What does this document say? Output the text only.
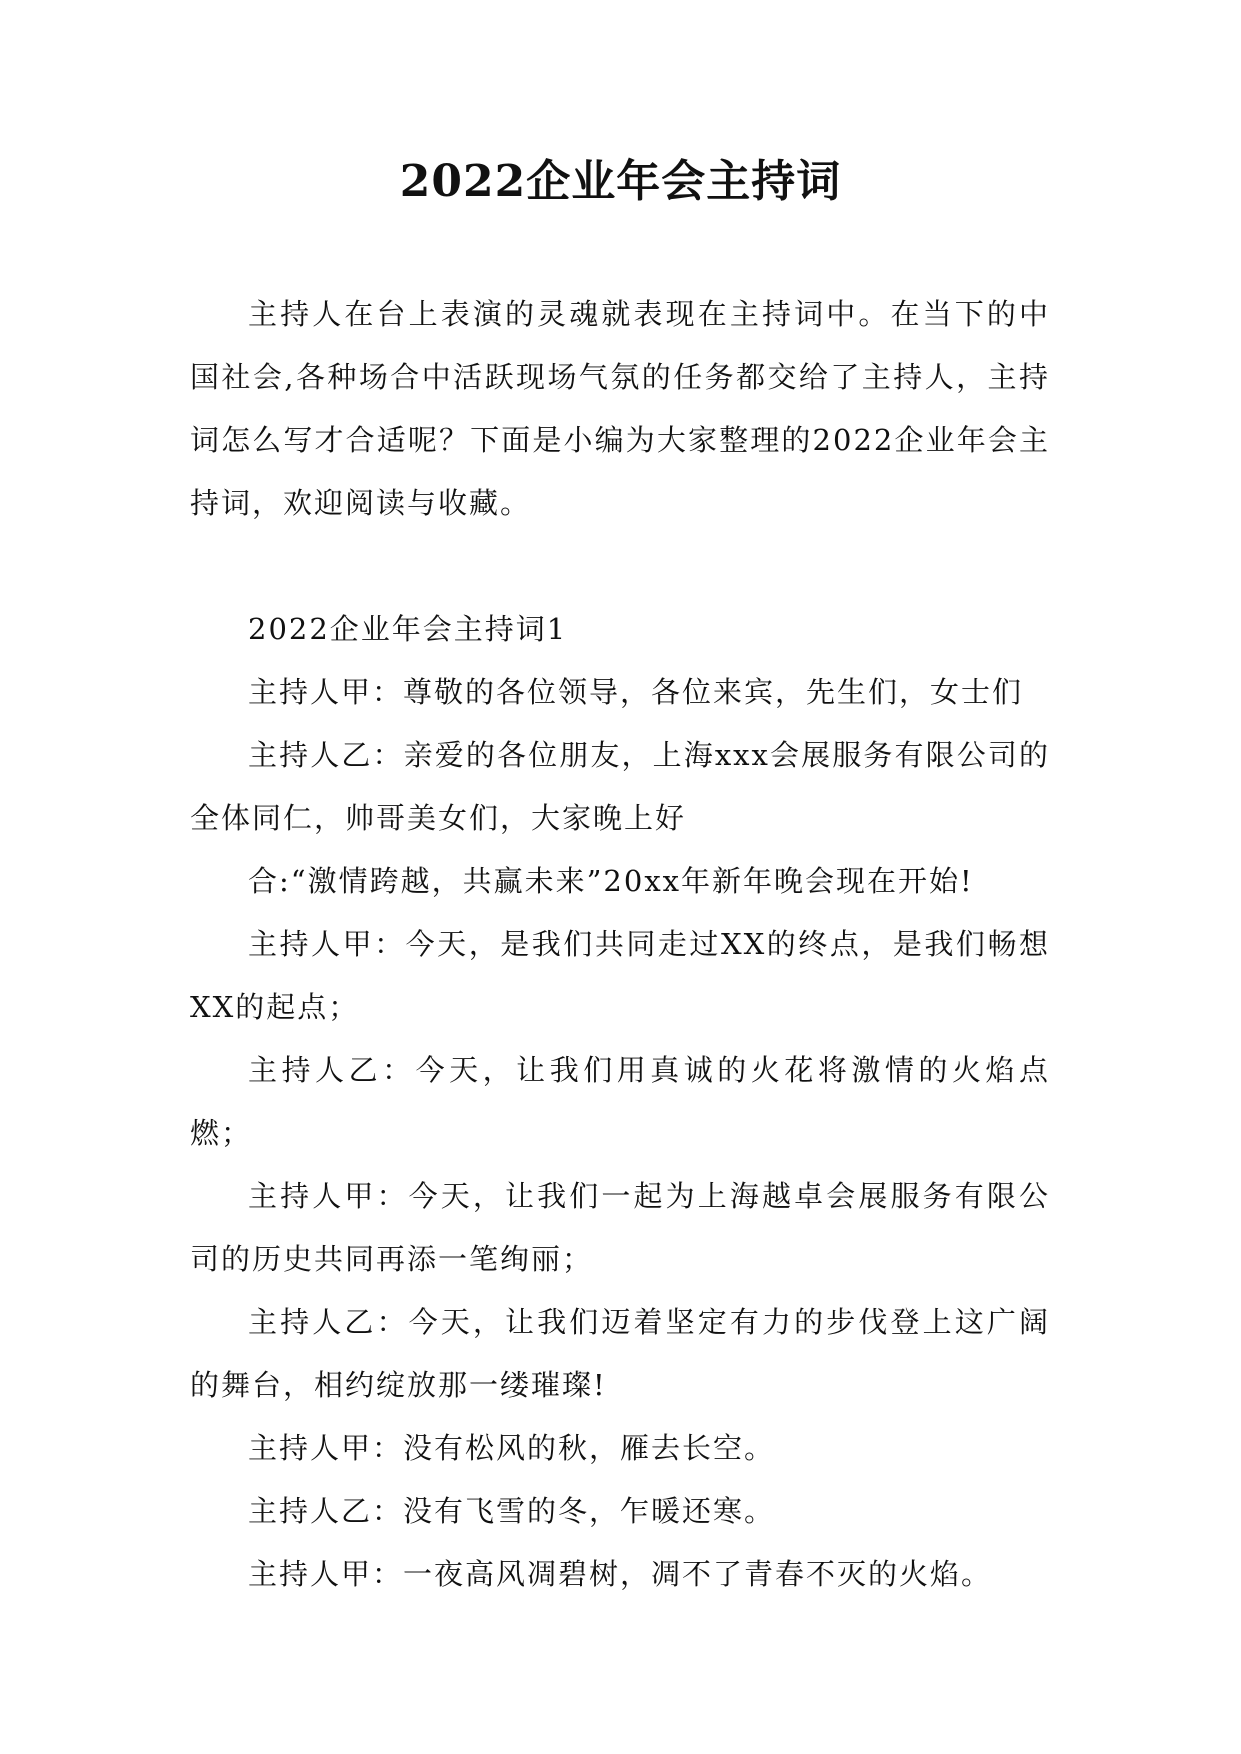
2022企业年会主持词

主持人在台上表演的灵魂就表现在主持词中。在当下的中国社会,各种场合中活跃现场气氛的任务都交给了主持人，主持词怎么写才合适呢？下面是小编为大家整理的2022企业年会主持词，欢迎阅读与收藏。

2022企业年会主持词1

主持人甲：尊敬的各位领导，各位来宾，先生们，女士们

主持人乙：亲爱的各位朋友，上海xxx会展服务有限公司的全体同仁，帅哥美女们，大家晚上好

合:“激情跨越，共赢未来”20xx年新年晚会现在开始!

主持人甲：今天，是我们共同走过XX的终点，是我们畅想XX的起点；

主持人乙：今天，让我们用真诚的火花将激情的火焰点燃；

主持人甲：今天，让我们一起为上海越卓会展服务有限公司的历史共同再添一笔绚丽；

主持人乙：今天，让我们迈着坚定有力的步伐登上这广阔的舞台，相约绽放那一缕璀璨!

主持人甲：没有松风的秋，雁去长空。

主持人乙：没有飞雪的冬，乍暖还寒。

主持人甲：一夜高风凋碧树，凋不了青春不灭的火焰。
